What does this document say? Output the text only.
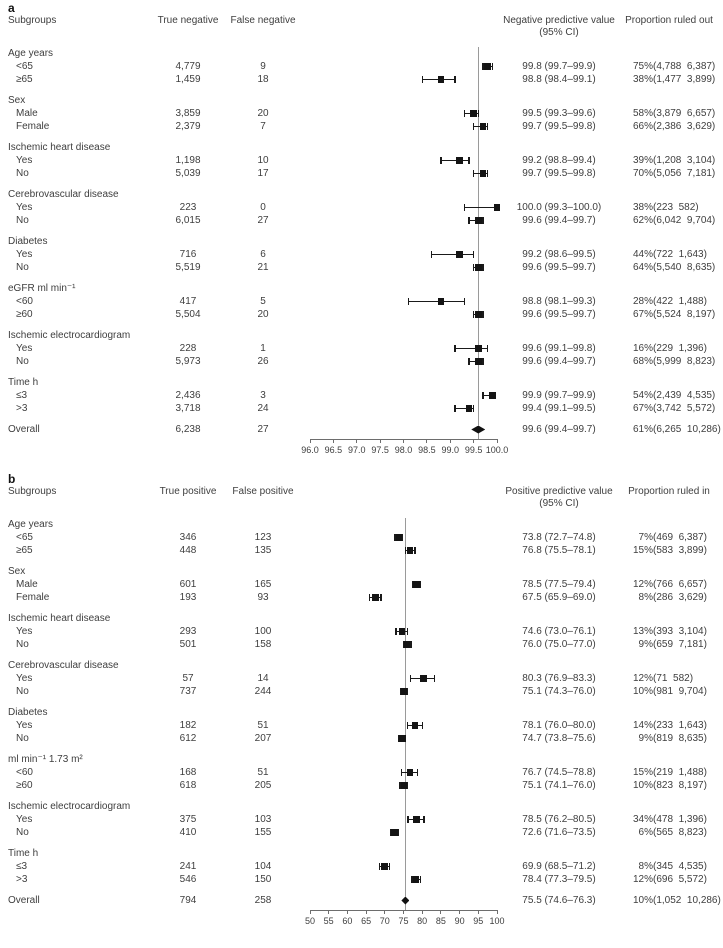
a
Subgroups	True negative	False negative	Negative predictive value
(95% CI)
Proportion ruled out
Age years
<65	4,779	9	99.8 (99.7–99.9)	75% (4,788  6,387)
≥65	1,459	18	98.8 (98.4–99.1)	38% (1,477  3,899)
Sex
Male	3,859	20	99.5 (99.3–99.6)	58% (3,879  6,657)
Female	2,379	7	99.7 (99.5–99.8)	66% (2,386  3,629)
Ischemic heart disease
Yes	1,198	10	99.2 (98.8–99.4)	39% (1,208  3,104)
No	5,039	17	99.7 (99.5–99.8)	70% (5,056  7,181)
Cerebrovascular disease
Yes	223	0	100.0 (99.3–100.0)	38% (223  582)
No	6,015	27	99.6 (99.4–99.7)	62% (6,042  9,704)
Diabetes
Yes	716	6	99.2 (98.6–99.5)	44% (722  1,643)
No	5,519	21	99.6 (99.5–99.7)	64% (5,540  8,635)
eGFR ml min⁻¹
<60	417	5	98.8 (98.1–99.3)	28% (422  1,488)
≥60	5,504	20	99.6 (99.5–99.7)	67% (5,524  8,197)
Ischemic electrocardiogram
Yes	228	1	99.6 (99.1–99.8)	16% (229  1,396)
No	5,973	26	99.6 (99.4–99.7)	68% (5,999  8,823)
Time h
≤3	2,436	3	99.9 (99.7–99.9)	54% (2,439  4,535)
>3	3,718	24	99.4 (99.1–99.5)	67% (3,742  5,572)
Overall	6,238	27	99.6 (99.4–99.7)	61% (6,265  10,286)
96.0 96.5 97.0 97.5 98.0 98.5 99.0 99.5 100.0
b
Subgroups	True positive	False positive	Positive predictive value
(95% CI)
Proportion ruled in
Age years
<65	346	123	73.8 (72.7–74.8)	7% (469  6,387)
≥65	448	135	76.8 (75.5–78.1)	15% (583  3,899)
Sex
Male	601	165	78.5 (77.5–79.4)	12% (766  6,657)
Female	193	93	67.5 (65.9–69.0)	8% (286  3,629)
Ischemic heart disease
Yes	293	100	74.6 (73.0–76.1)	13% (393  3,104)
No	501	158	76.0 (75.0–77.0)	9% (659  7,181)
Cerebrovascular disease
Yes	57	14	80.3 (76.9–83.3)	12% (71  582)
No	737	244	75.1 (74.3–76.0)	10% (981  9,704)
Diabetes
Yes	182	51	78.1 (76.0–80.0)	14% (233  1,643)
No	612	207	74.7 (73.8–75.6)	9% (819  8,635)
ml min⁻¹ 1.73 m²
<60	168	51	76.7 (74.5–78.8)	15% (219  1,488)
≥60	618	205	75.1 (74.1–76.0)	10% (823  8,197)
Ischemic electrocardiogram
Yes	375	103	78.5 (76.2–80.5)	34% (478  1,396)
No	410	155	72.6 (71.6–73.5)	6% (565  8,823)
Time h
≤3	241	104	69.9 (68.5–71.2)	8% (345  4,535)
>3	546	150	78.4 (77.3–79.5)	12% (696  5,572)
Overall	794	258	75.5 (74.6–76.3)	10% (1,052  10,286)
50 55 60 65 70 75 80 85 90 95 100
